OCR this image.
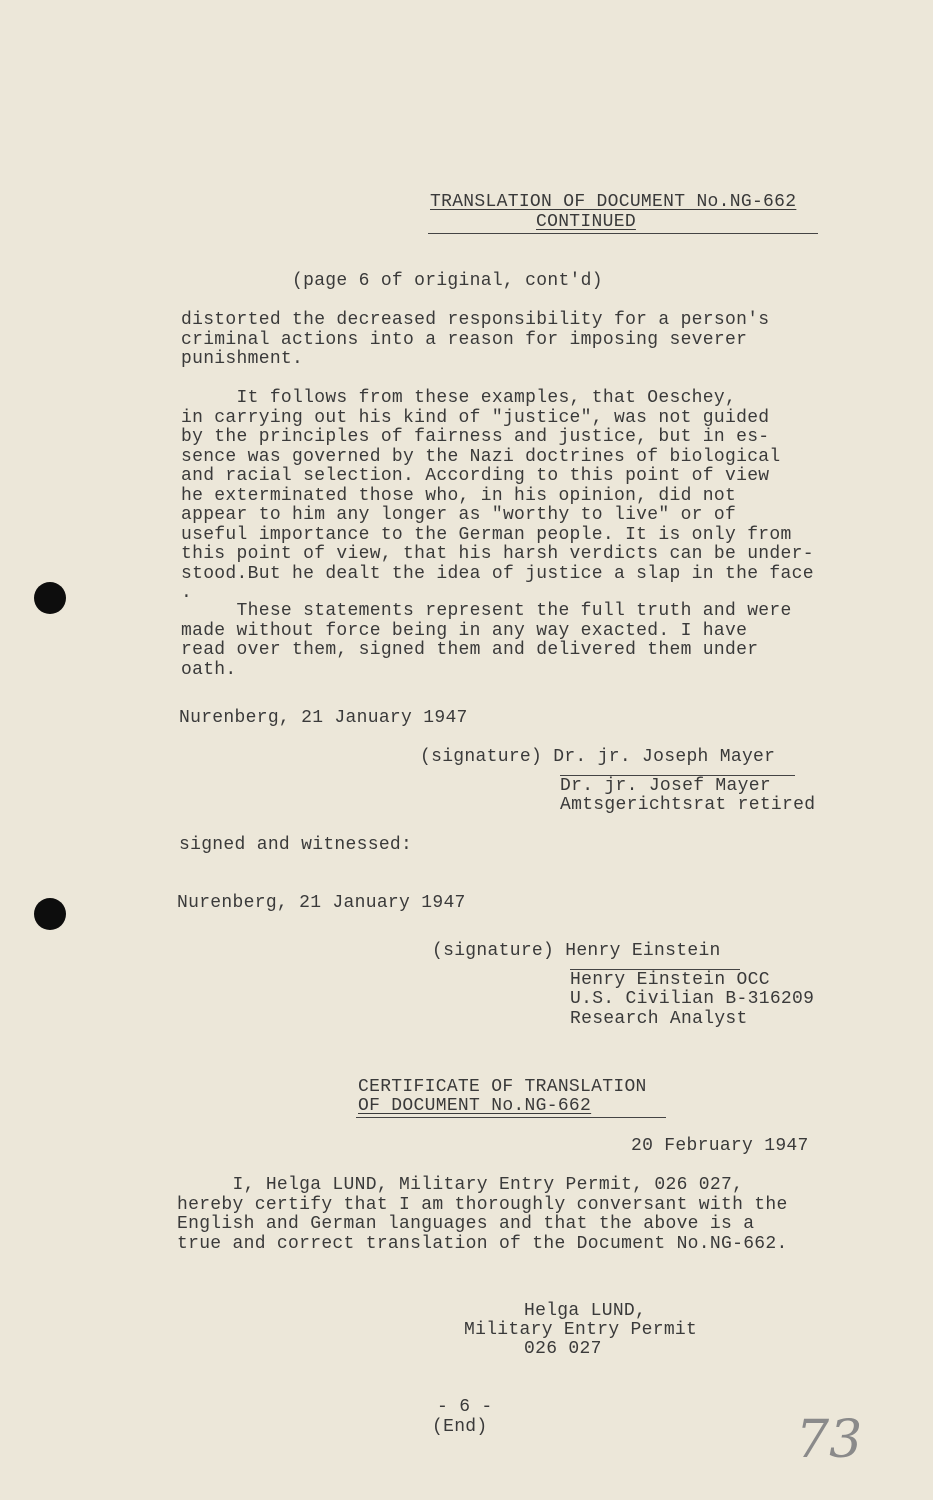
TRANSLATION OF DOCUMENT No.NG-662
CONTINUED
(page 6 of original, cont'd)
distorted the decreased responsibility for a person's
criminal actions into a reason for imposing severer
punishment.
It follows from these examples, that Oeschey,
in carrying out his kind of "justice", was not guided
by the principles of fairness and justice, but in es-
sence was governed by the Nazi doctrines of biological
and racial selection. According to this point of view
he exterminated those who, in his opinion, did not
appear to him any longer as "worthy to live" or of
useful importance to the German people. It is only from
this point of view, that his harsh verdicts can be under-
stood.But he dealt the idea of justice a slap in the face
.
These statements represent the full truth and were
made without force being in any way exacted. I have
read over them, signed them and delivered them under
oath.
Nurenberg, 21 January 1947
(signature) Dr. jr. Joseph Mayer
Dr. jr. Josef Mayer
Amtsgerichtsrat retired
signed and witnessed:
Nurenberg, 21 January 1947
(signature) Henry Einstein
Henry Einstein OCC
U.S. Civilian B-316209
Research Analyst
CERTIFICATE OF TRANSLATION
OF DOCUMENT No.NG-662
20 February 1947
I, Helga LUND, Military Entry Permit, 026 027,
hereby certify that I am thoroughly conversant with the
English and German languages and that the above is a
true and correct translation of the Document No.NG-662.
Helga LUND,
Military Entry Permit
026 027
- 6 -
(End)	73
